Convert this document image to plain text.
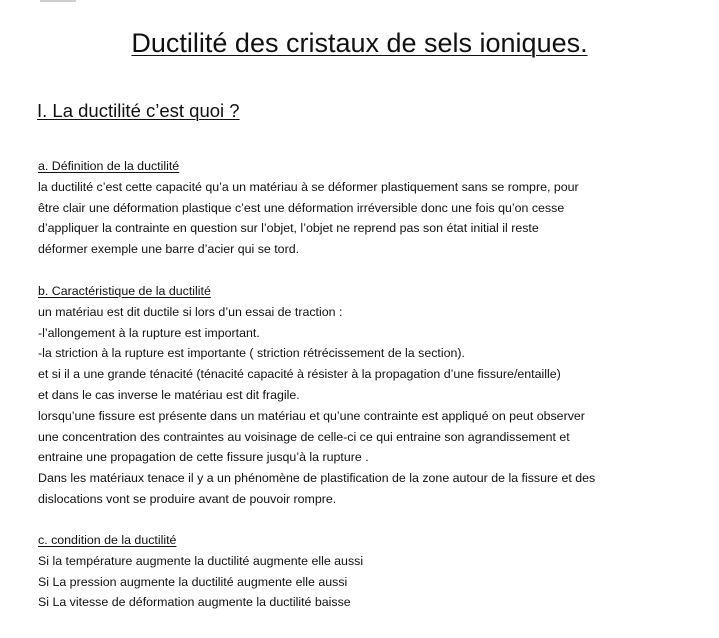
Ductilité des cristaux de sels ioniques.
I. La ductilité c’est quoi ?
a. Définition de la ductilité
la ductilité c’est cette capacité qu’a un matériau à se déformer plastiquement sans se rompre, pour
être clair une déformation plastique c’est une déformation irréversible donc une fois qu’on cesse
d’appliquer la contrainte en question sur l’objet, l’objet ne reprend pas son état initial il reste
déformer exemple une barre d’acier qui se tord.
b. Caractéristique de la ductilité
un matériau est dit ductile si lors d’un essai de traction :
-l’allongement à la rupture est important.
-la striction à la rupture est importante ( striction rétrécissement de la section).
et si il a une grande ténacité (ténacité capacité à résister à la propagation d’une fissure/entaille)
et dans le cas inverse le matériau est dit fragile.
lorsqu’une fissure est présente dans un matériau et qu’une contrainte est appliqué on peut observer
une concentration des contraintes au voisinage de celle-ci ce qui entraine son agrandissement et
entraine une propagation de cette fissure jusqu’à la rupture .
Dans les matériaux tenace il y a un phénomène de plastification de la zone autour de la fissure et des
dislocations vont se produire avant de pouvoir rompre.
c. condition de la ductilité
Si la température augmente la ductilité augmente elle aussi
Si La pression augmente la ductilité augmente elle aussi
Si La vitesse de déformation augmente la ductilité baisse
